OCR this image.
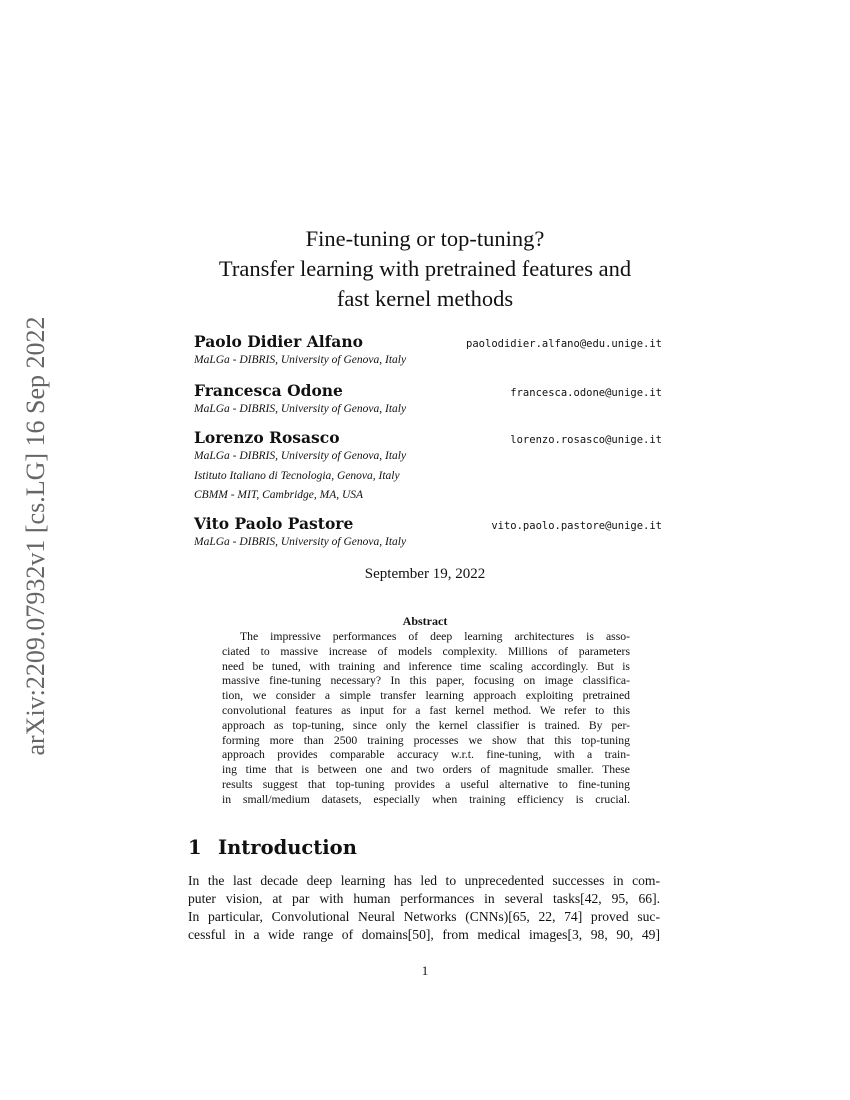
arXiv:2209.07932v1 [cs.LG] 16 Sep 2022
Fine-tuning or top-tuning?
Transfer learning with pretrained features and
fast kernel methods
Paolo Didier Alfano	paolodidier.alfano@edu.unige.it
MaLGa - DIBRIS, University of Genova, Italy
Francesca Odone	francesca.odone@unige.it
MaLGa - DIBRIS, University of Genova, Italy
Lorenzo Rosasco	lorenzo.rosasco@unige.it
MaLGa - DIBRIS, University of Genova, Italy
Istituto Italiano di Tecnologia, Genova, Italy
CBMM - MIT, Cambridge, MA, USA
Vito Paolo Pastore	vito.paolo.pastore@unige.it
MaLGa - DIBRIS, University of Genova, Italy
September 19, 2022
Abstract
The impressive performances of deep learning architectures is asso-
ciated to massive increase of models complexity. Millions of parameters
need be tuned, with training and inference time scaling accordingly. But is
massive fine-tuning necessary? In this paper, focusing on image classifica-
tion, we consider a simple transfer learning approach exploiting pretrained
convolutional features as input for a fast kernel method. We refer to this
approach as top-tuning, since only the kernel classifier is trained. By per-
forming more than 2500 training processes we show that this top-tuning
approach provides comparable accuracy w.r.t. fine-tuning, with a train-
ing time that is between one and two orders of magnitude smaller. These
results suggest that top-tuning provides a useful alternative to fine-tuning
in small/medium datasets, especially when training efficiency is crucial.
1 Introduction
In the last decade deep learning has led to unprecedented successes in com-
puter vision, at par with human performances in several tasks[42, 95, 66].
In particular, Convolutional Neural Networks (CNNs)[65, 22, 74] proved suc-
cessful in a wide range of domains[50], from medical images[3, 98, 90, 49]
1
